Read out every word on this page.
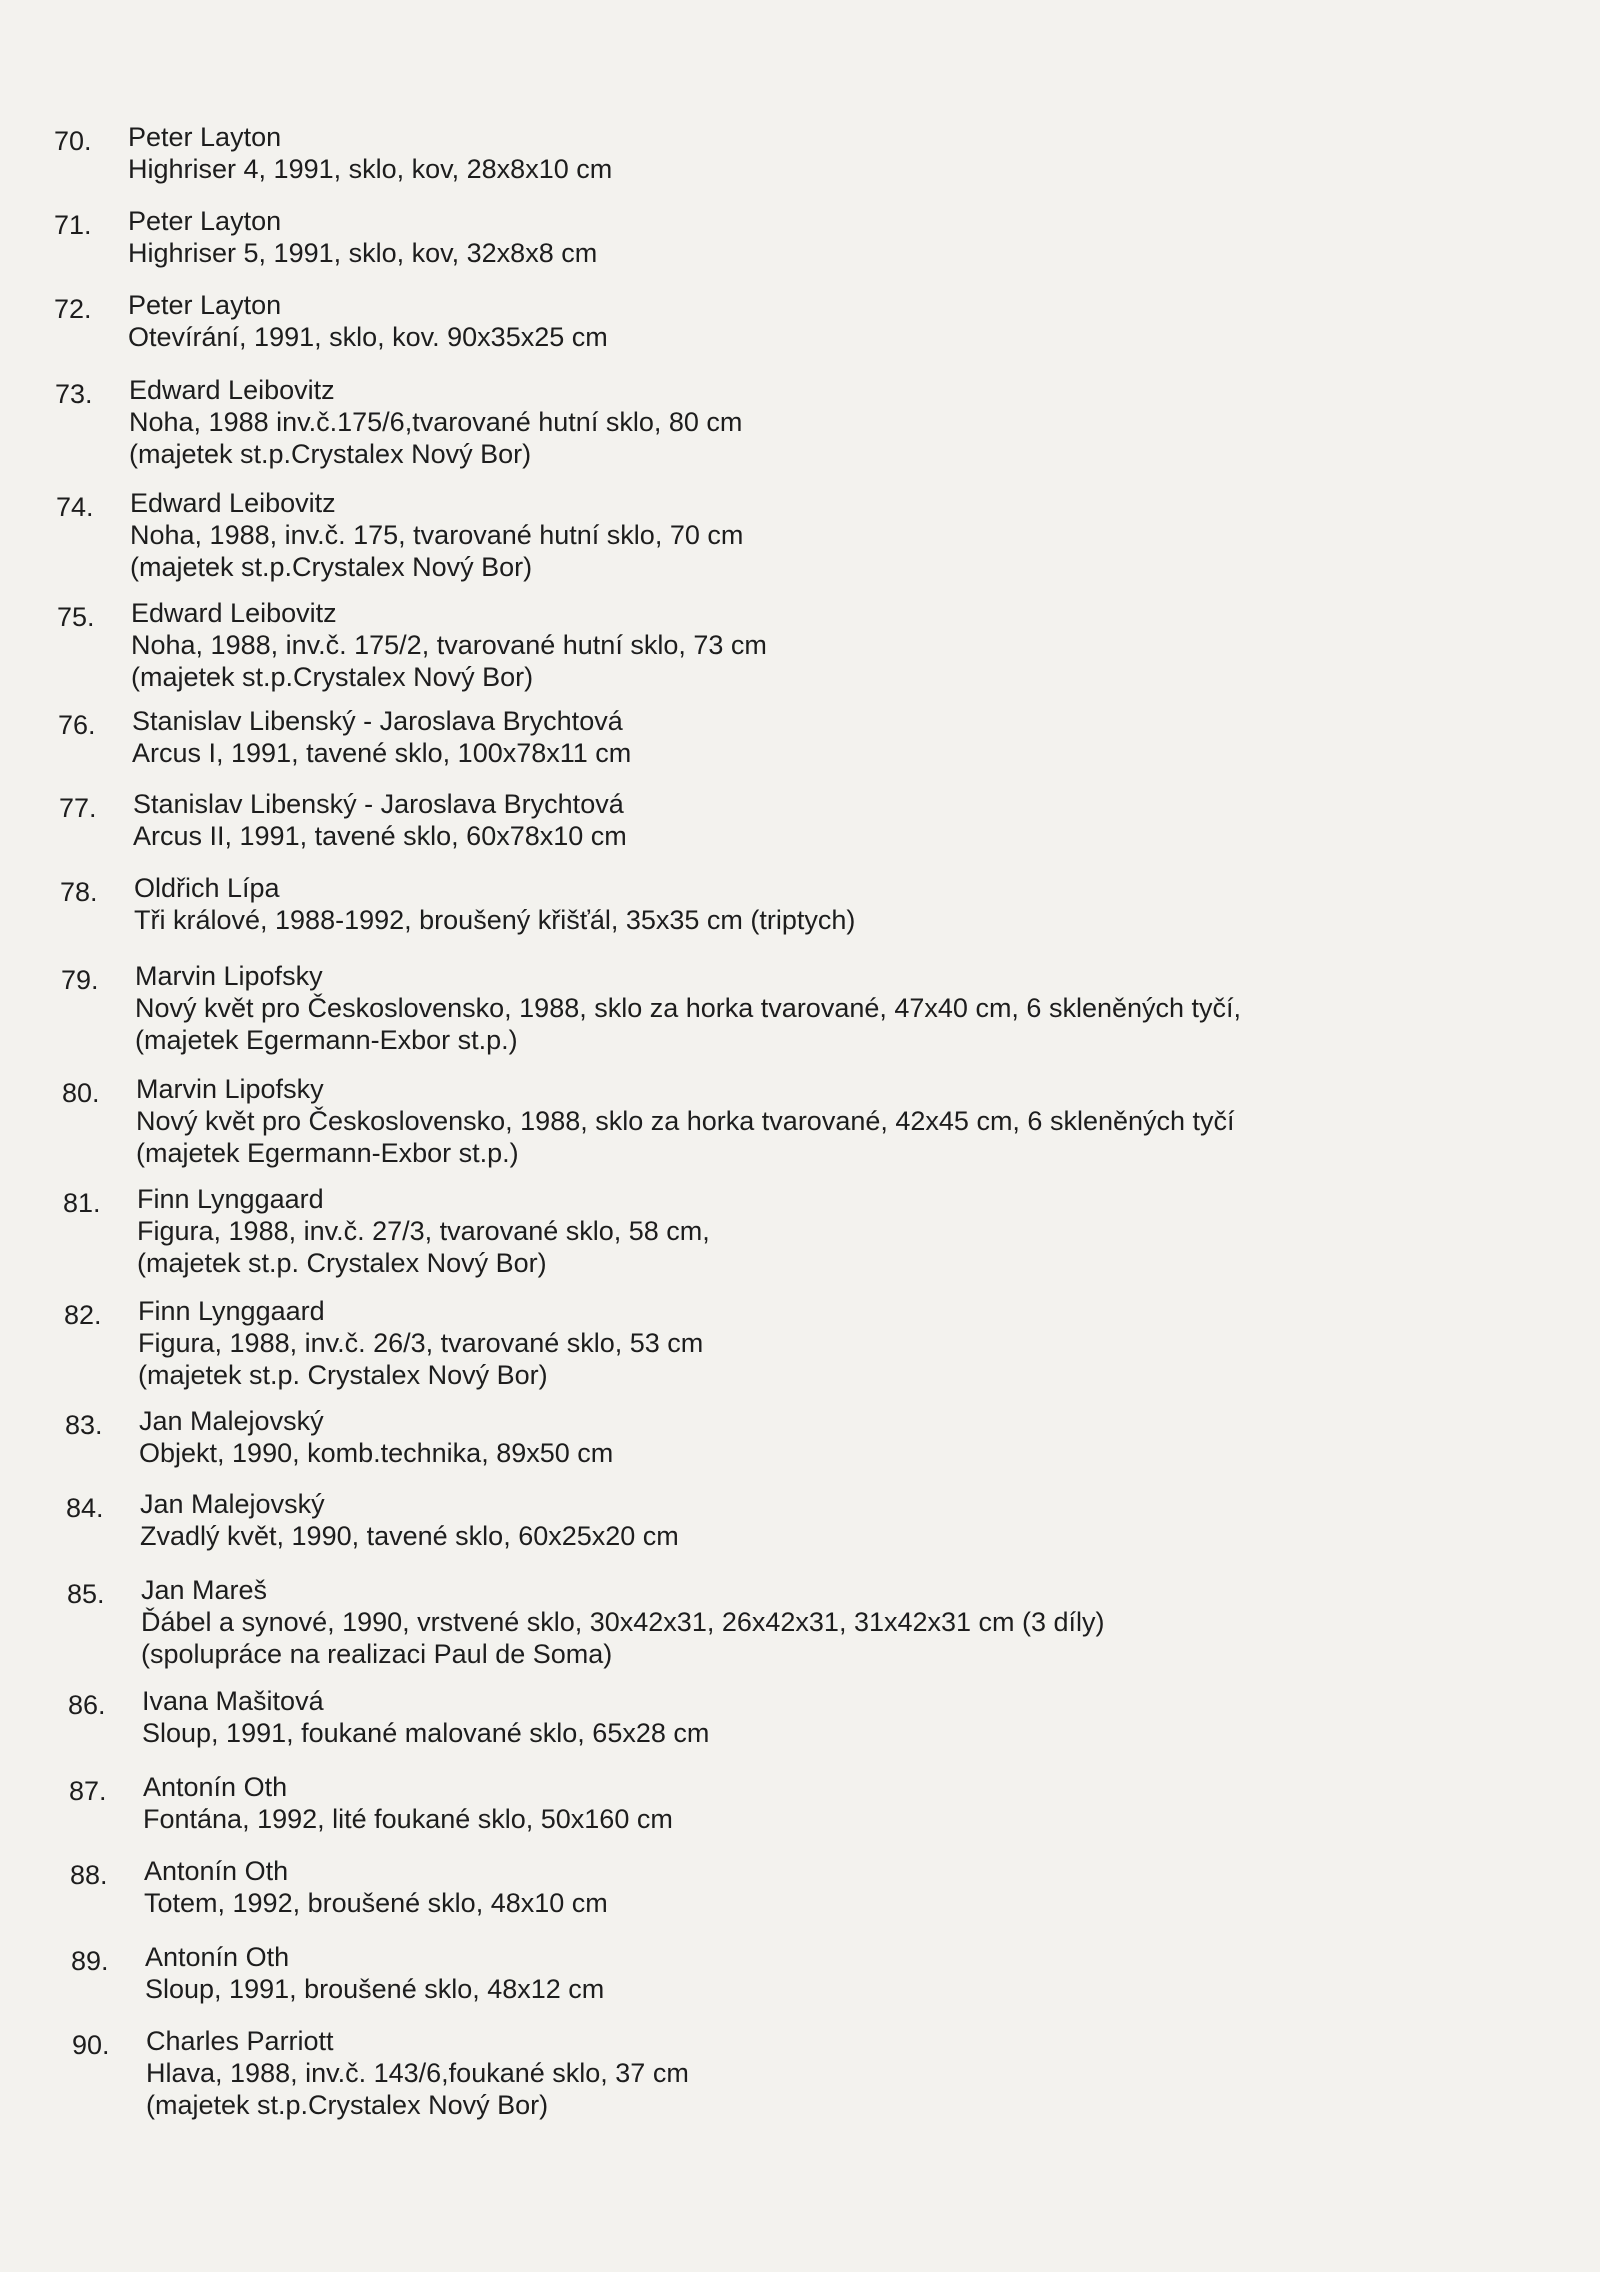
70.	Peter Layton
Highriser 4, 1991, sklo, kov, 28x8x10 cm
71.	Peter Layton
Highriser 5, 1991, sklo, kov, 32x8x8 cm
72.	Peter Layton
Otevírání, 1991, sklo, kov. 90x35x25 cm
73.	Edward Leibovitz
Noha, 1988 inv.č.175/6,tvarované hutní sklo, 80 cm
(majetek st.p.Crystalex Nový Bor)
74.	Edward Leibovitz
Noha, 1988, inv.č. 175, tvarované hutní sklo, 70 cm
(majetek st.p.Crystalex Nový Bor)
75.	Edward Leibovitz
Noha, 1988, inv.č. 175/2, tvarované hutní sklo, 73 cm
(majetek st.p.Crystalex Nový Bor)
76.	Stanislav Libenský - Jaroslava Brychtová
Arcus I, 1991, tavené sklo, 100x78x11 cm
77.	Stanislav Libenský - Jaroslava Brychtová
Arcus II, 1991, tavené sklo, 60x78x10 cm
78.	Oldřich Lípa
Tři králové, 1988-1992, broušený křišťál, 35x35 cm (triptych)
79.	Marvin Lipofsky
Nový květ pro Československo, 1988, sklo za horka tvarované, 47x40 cm, 6 skleněných tyčí,
(majetek Egermann-Exbor st.p.)
80.	Marvin Lipofsky
Nový květ pro Československo, 1988, sklo za horka tvarované, 42x45 cm, 6 skleněných tyčí
(majetek Egermann-Exbor st.p.)
81.	Finn Lynggaard
Figura, 1988, inv.č. 27/3, tvarované sklo, 58 cm,
(majetek st.p. Crystalex Nový Bor)
82.	Finn Lynggaard
Figura, 1988, inv.č. 26/3, tvarované sklo, 53 cm
(majetek st.p. Crystalex Nový Bor)
83.	Jan Malejovský
Objekt, 1990, komb.technika, 89x50 cm
84.	Jan Malejovský
Zvadlý květ, 1990, tavené sklo, 60x25x20 cm
85.	Jan Mareš
Ďábel a synové, 1990, vrstvené sklo, 30x42x31, 26x42x31, 31x42x31 cm (3 díly)
(spolupráce na realizaci Paul de Soma)
86.	Ivana Mašitová
Sloup, 1991, foukané malované sklo, 65x28 cm
87.	Antonín Oth
Fontána, 1992, lité foukané sklo, 50x160 cm
88.	Antonín Oth
Totem, 1992, broušené sklo, 48x10 cm
89.	Antonín Oth
Sloup, 1991, broušené sklo, 48x12 cm
90.	Charles Parriott
Hlava, 1988, inv.č. 143/6,foukané sklo, 37 cm
(majetek st.p.Crystalex Nový Bor)
